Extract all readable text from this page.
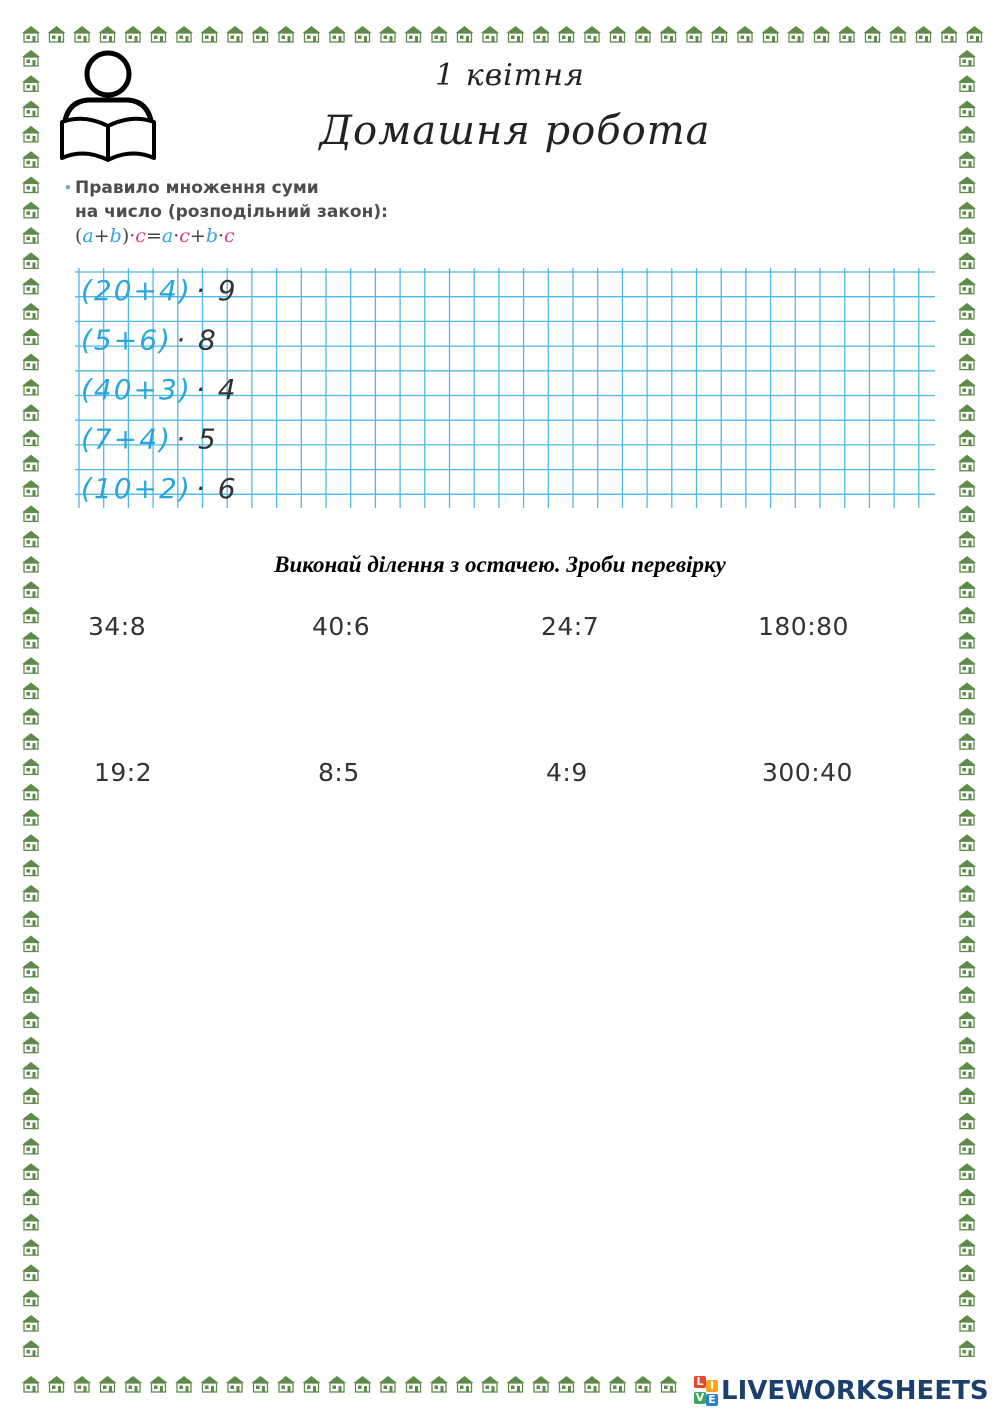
1 квітня
Домашня робота
• Правило множення суми
на число (розподільний закон):
(a+b)·c=a·c+b·c
(20+4) · 9
(5+6) · 8
(40+3) · 4
(7+4) · 5
(10+2) · 6
Виконай ділення з остачею. Зроби перевірку
34:8	40:6	24:7	180:80
19:2	8:5	4:9	300:40
L I
V E LIVEWORKSHEETS
